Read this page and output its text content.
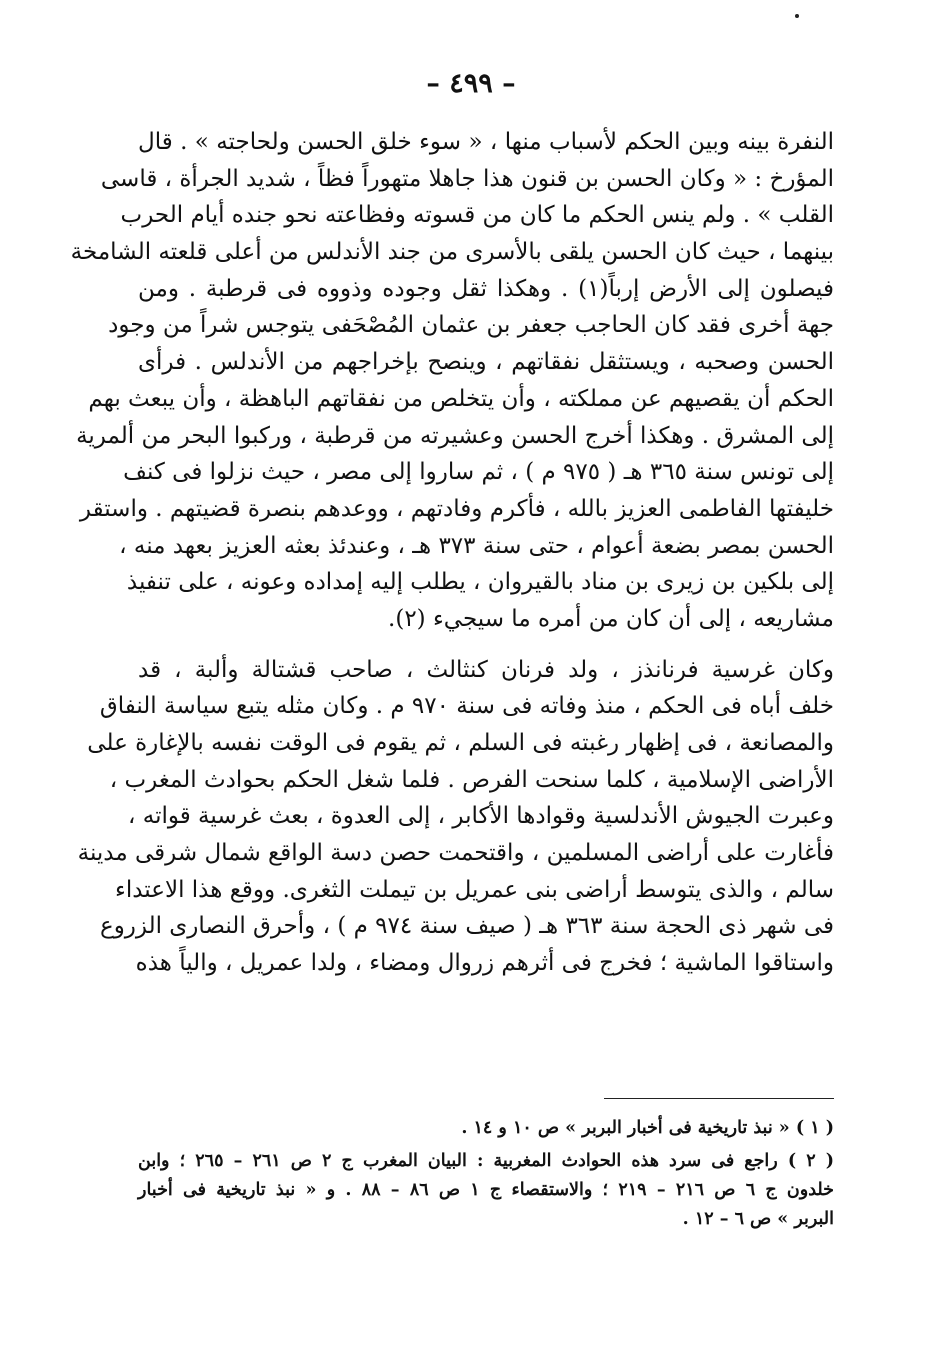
– ٤٩٩ –
النفرة بينه وبين الحكم لأسباب منها ، « سوء خلق الحسن ولحاجته » . قال
المؤرخ : « وكان الحسن بن قنون هذا جاهلا متهوراً فظاً ، شديد الجرأة ، قاسى
القلب » . ولم ينس الحكم ما كان من قسوته وفظاعته نحو جنده أيام الحرب
بينهما ، حيث كان الحسن يلقى بالأسرى من جند الأندلس من أعلى قلعته الشامخة
فيصلون إلى الأرض إرباً(١) . وهكذا ثقل وجوده وذووه فى قرطبة . ومن
جهة أخرى فقد كان الحاجب جعفر بن عثمان المُصْحَفى يتوجس شراً من وجود
الحسن وصحبه ، ويستثقل نفقاتهم ، وينصح بإخراجهم من الأندلس . فرأى
الحكم أن يقصيهم عن مملكته ، وأن يتخلص من نفقاتهم الباهظة ، وأن يبعث بهم
إلى المشرق . وهكذا أخرج الحسن وعشيرته من قرطبة ، وركبوا البحر من ألمرية
إلى تونس سنة ٣٦٥ هـ ( ٩٧٥ م ) ، ثم ساروا إلى مصر ، حيث نزلوا فى كنف
خليفتها الفاطمى العزيز بالله ، فأكرم وفادتهم ، ووعدهم بنصرة قضيتهم . واستقر
الحسن بمصر بضعة أعوام ، حتى سنة ٣٧٣ هـ ، وعندئذ بعثه العزيز بعهد منه ،
إلى بلكين بن زيرى بن مناد بالقيروان ، يطلب إليه إمداده وعونه ، على تنفيذ
مشاريعه ، إلى أن كان من أمره ما سيجيء (٢).
وكان غرسية فرنانذز ، ولد فرنان كنثالث ، صاحب قشتالة وألبة ، قد
خلف أباه فى الحكم ، منذ وفاته فى سنة ٩٧٠ م . وكان مثله يتبع سياسة النفاق
والمصانعة ، فى إظهار رغبته فى السلم ، ثم يقوم فى الوقت نفسه بالإغارة على
الأراضى الإسلامية ، كلما سنحت الفرص . فلما شغل الحكم بحوادث المغرب ،
وعبرت الجيوش الأندلسية وقوادها الأكابر ، إلى العدوة ، بعث غرسية قواته ،
فأغارت على أراضى المسلمين ، واقتحمت حصن دسة الواقع شمال شرقى مدينة
سالم ، والذى يتوسط أراضى بنى عمريل بن تيملت الثغرى. ووقع هذا الاعتداء
فى شهر ذى الحجة سنة ٣٦٣ هـ ( صيف سنة ٩٧٤ م ) ، وأحرق النصارى الزروع
واستاقوا الماشية ؛ فخرج فى أثرهم زروال ومضاء ، ولدا عمريل ، والياً هذه
( ١ ) « نبذ تاريخية فى أخبار البربر » ص ١٠ و ١٤ .
( ٢ ) راجع فى سرد هذه الحوادث المغربية : البيان المغرب ج ٢ ص ٢٦١ – ٢٦٥ ؛ وابن
خلدون ج ٦ ص ٢١٦ – ٢١٩ ؛ والاستقصاء ج ١ ص ٨٦ – ٨٨ . و « نبذ تاريخية فى أخبار
البربر » ص ٦ – ١٢ .
